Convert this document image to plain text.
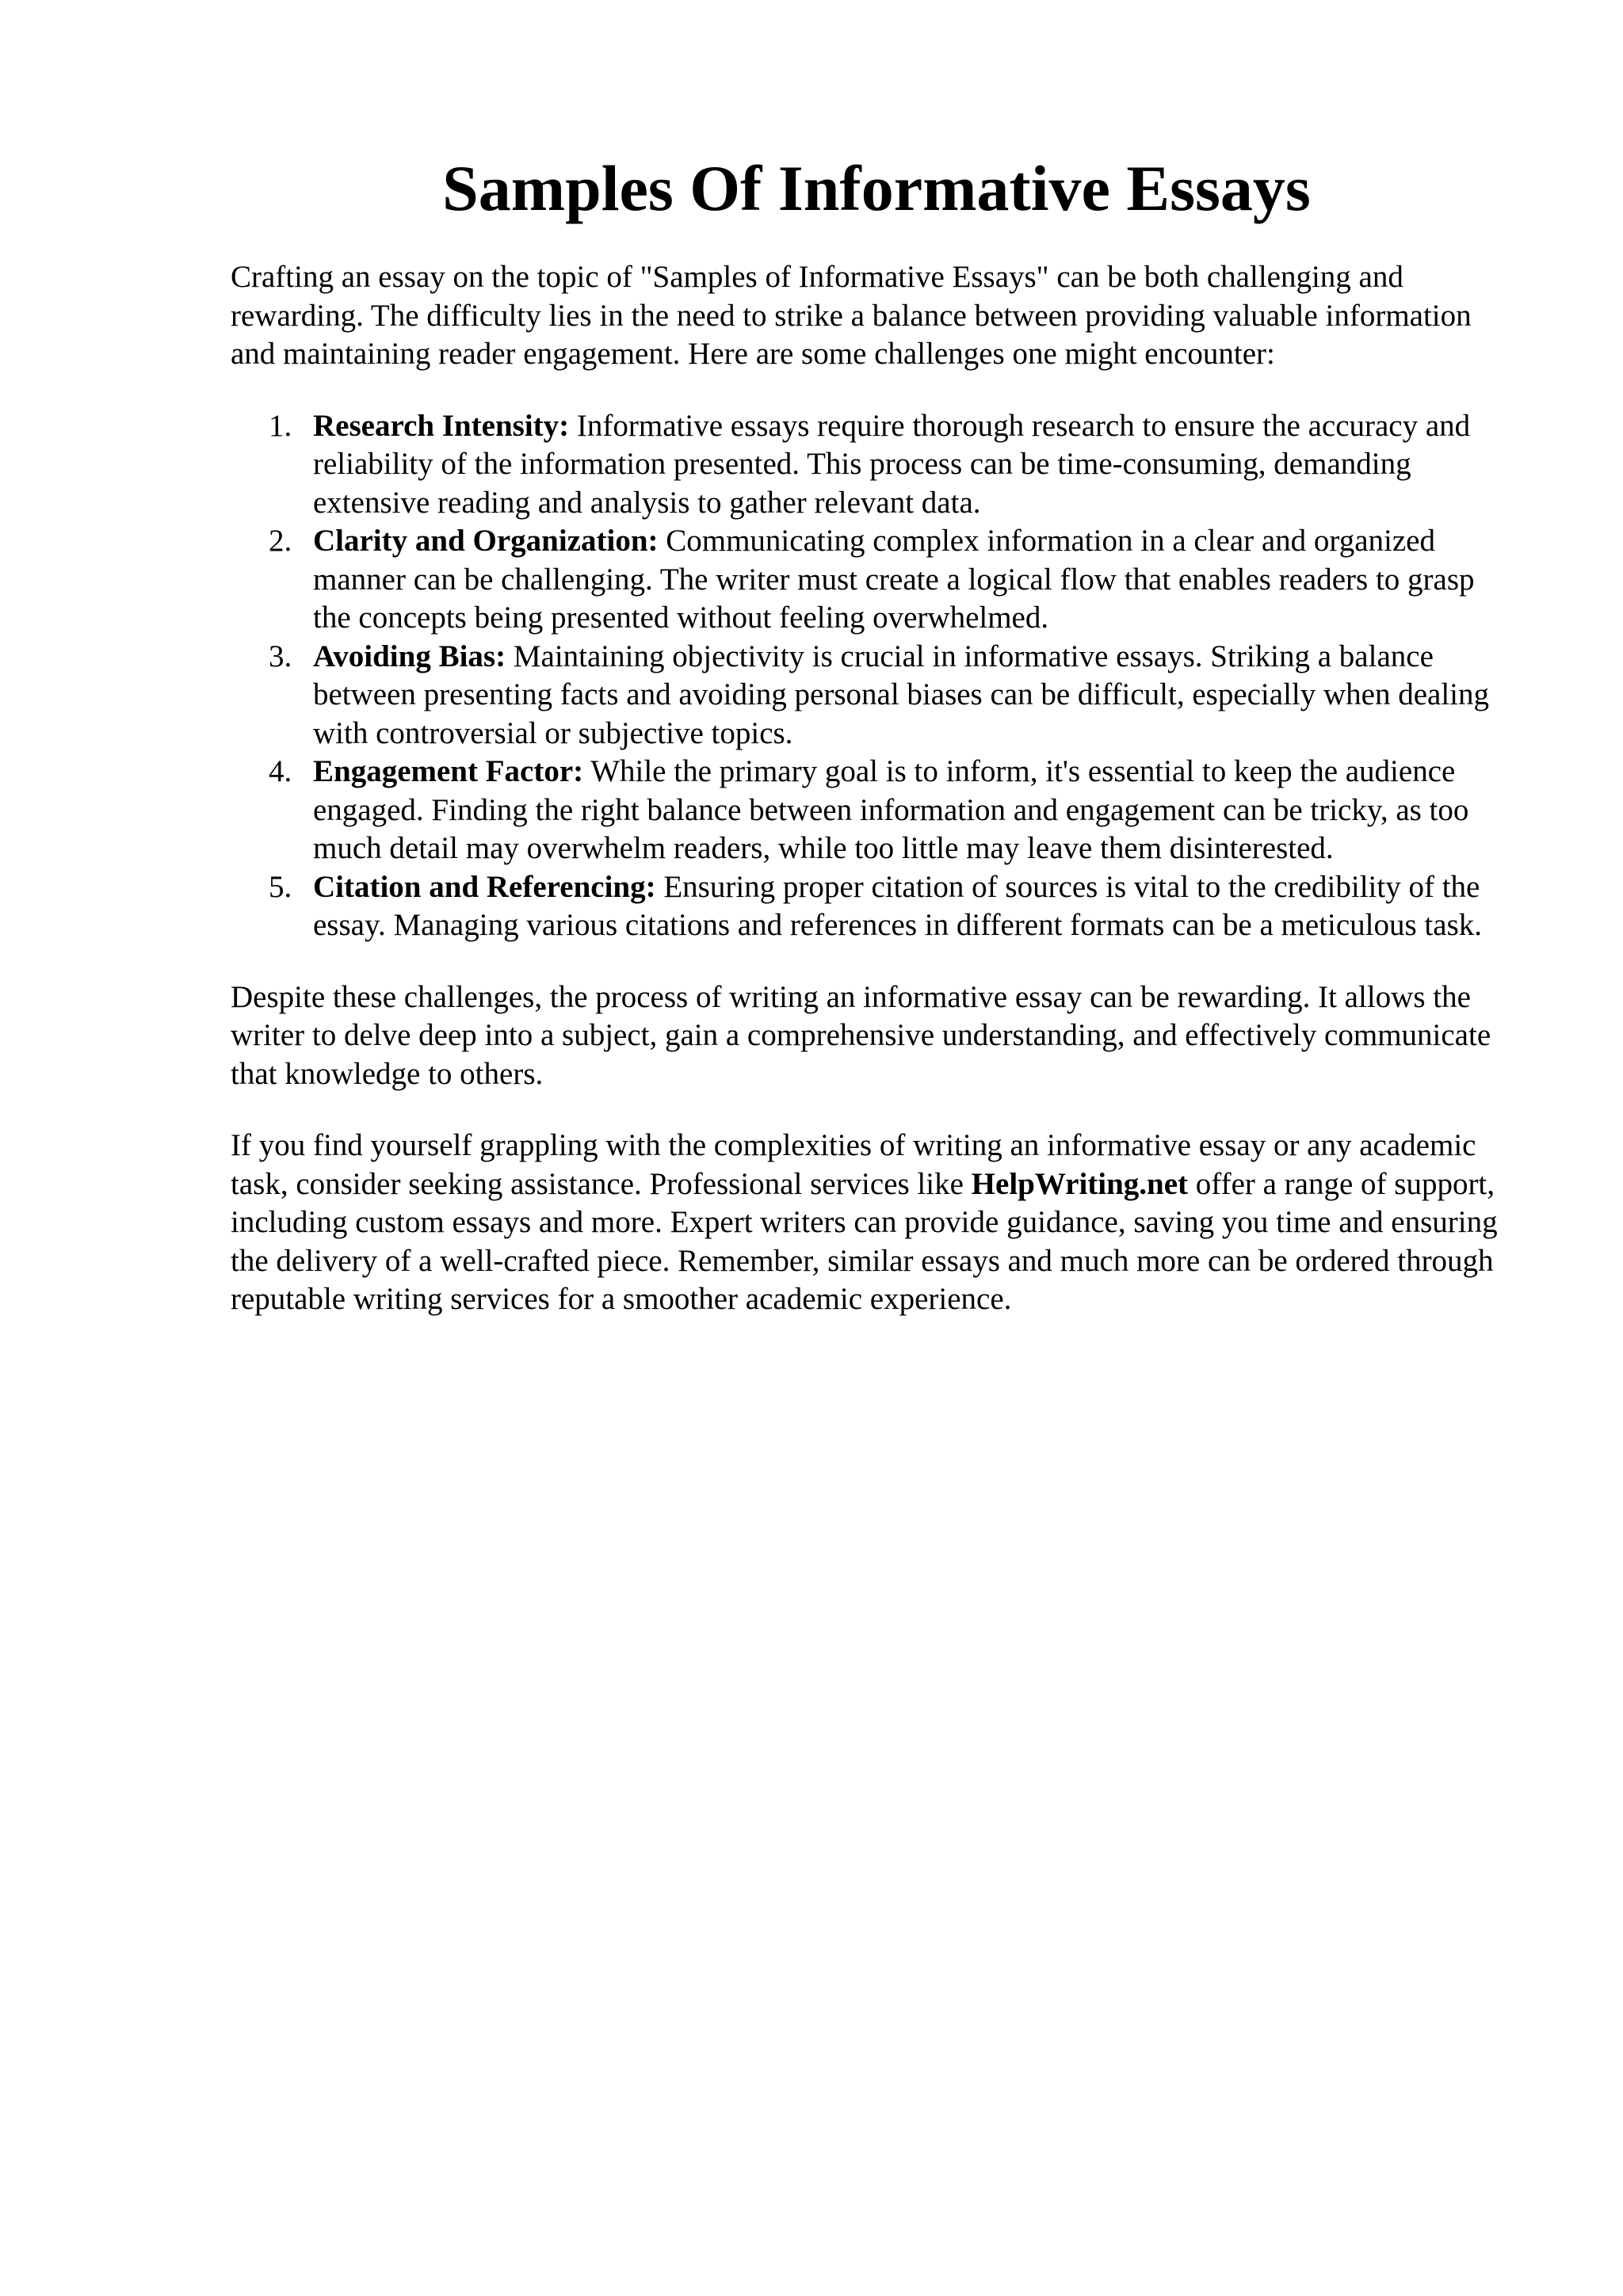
Samples Of Informative Essays

Crafting an essay on the topic of "Samples of Informative Essays" can be both challenging and rewarding. The difficulty lies in the need to strike a balance between providing valuable information and maintaining reader engagement. Here are some challenges one might encounter:

1. Research Intensity: Informative essays require thorough research to ensure the accuracy and reliability of the information presented. This process can be time-consuming, demanding extensive reading and analysis to gather relevant data.
2. Clarity and Organization: Communicating complex information in a clear and organized manner can be challenging. The writer must create a logical flow that enables readers to grasp the concepts being presented without feeling overwhelmed.
3. Avoiding Bias: Maintaining objectivity is crucial in informative essays. Striking a balance between presenting facts and avoiding personal biases can be difficult, especially when dealing with controversial or subjective topics.
4. Engagement Factor: While the primary goal is to inform, it's essential to keep the audience engaged. Finding the right balance between information and engagement can be tricky, as too much detail may overwhelm readers, while too little may leave them disinterested.
5. Citation and Referencing: Ensuring proper citation of sources is vital to the credibility of the essay. Managing various citations and references in different formats can be a meticulous task.

Despite these challenges, the process of writing an informative essay can be rewarding. It allows the writer to delve deep into a subject, gain a comprehensive understanding, and effectively communicate that knowledge to others.

If you find yourself grappling with the complexities of writing an informative essay or any academic task, consider seeking assistance. Professional services like HelpWriting.net offer a range of support, including custom essays and more. Expert writers can provide guidance, saving you time and ensuring the delivery of a well-crafted piece. Remember, similar essays and much more can be ordered through reputable writing services for a smoother academic experience.
